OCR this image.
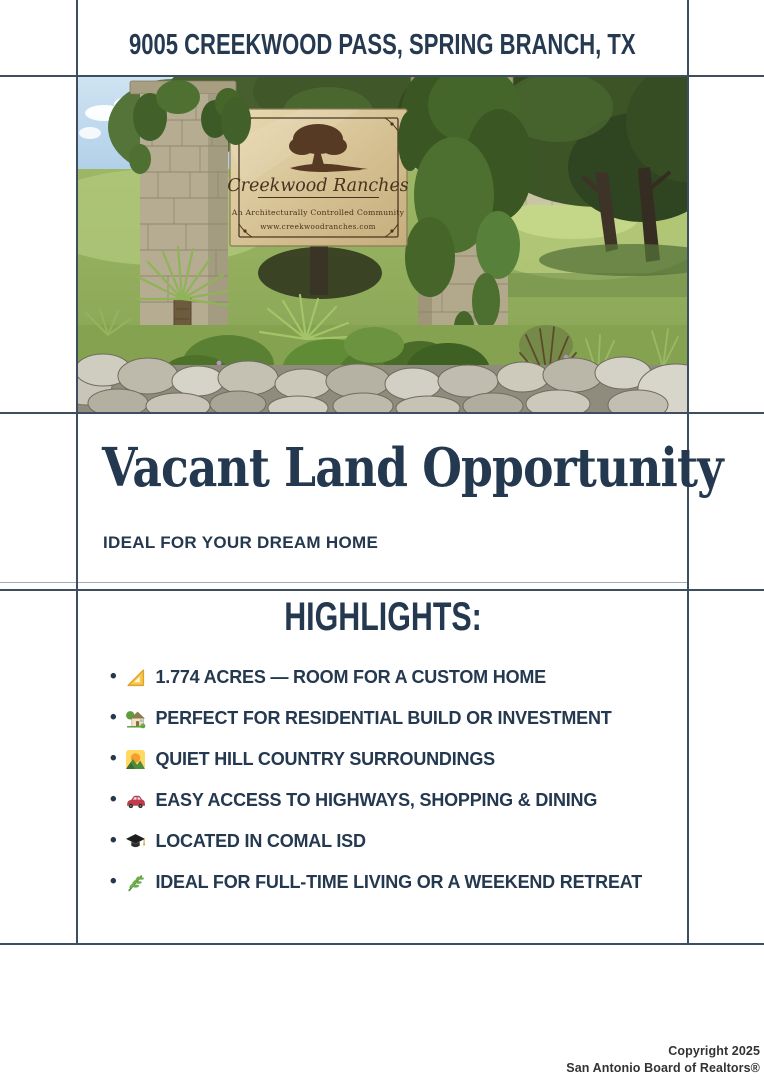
9005 CREEKWOOD PASS, SPRING BRANCH, TX
Creekwood Ranches
An Architecturally Controlled Community
www.creekwoodranches.com
Vacant Land Opportunity
IDEAL FOR YOUR DREAM HOME
HIGHLIGHTS:
• 1.774 ACRES — ROOM FOR A CUSTOM HOME
• PERFECT FOR RESIDENTIAL BUILD OR INVESTMENT
• QUIET HILL COUNTRY SURROUNDINGS
• EASY ACCESS TO HIGHWAYS, SHOPPING & DINING
• LOCATED IN COMAL ISD
• IDEAL FOR FULL-TIME LIVING OR A WEEKEND RETREAT
Copyright 2025
San Antonio Board of Realtors®
